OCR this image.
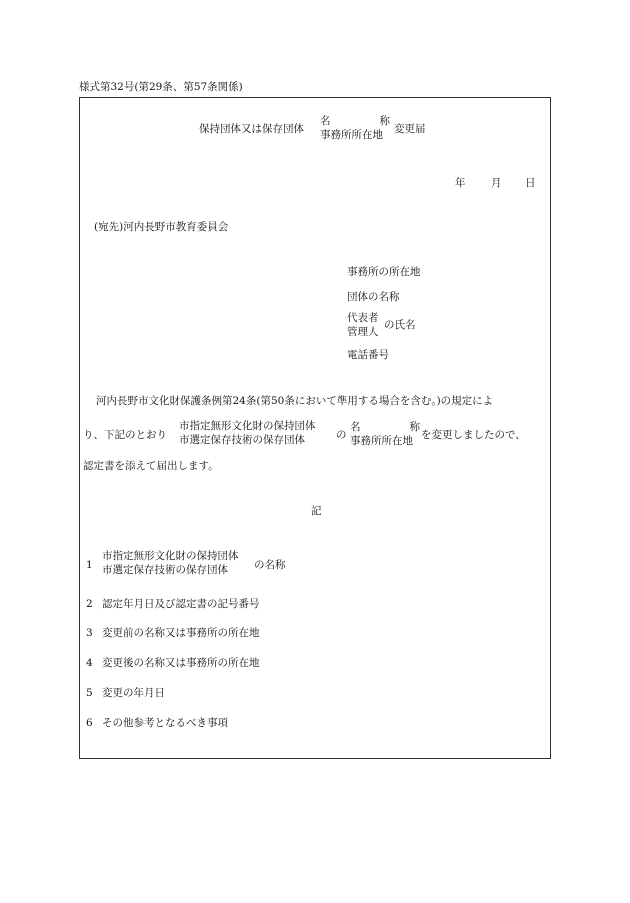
様式第32号(第29条、第57条関係)
保持団体又は保存団体
名	称
事務所所在地 変更届
年 月 日
(宛先)河内長野市教育委員会
事務所の所在地
団体の名称
代表者
管理人
の氏名
電話番号
河内長野市文化財保護条例第24条(第50条において準用する場合を含む。)の規定によ
り、下記のとおり
市指定無形文化財の保持団体
市選定保存技術の保存団体	の
名	称
事務所所在地 を変更しましたので、
認定書を添えて届出します。
記
1
市指定無形文化財の保持団体
市選定保存技術の保存団体	の名称
2 認定年月日及び認定書の記号番号
3 変更前の名称又は事務所の所在地
4 変更後の名称又は事務所の所在地
5 変更の年月日
6 その他参考となるべき事項
